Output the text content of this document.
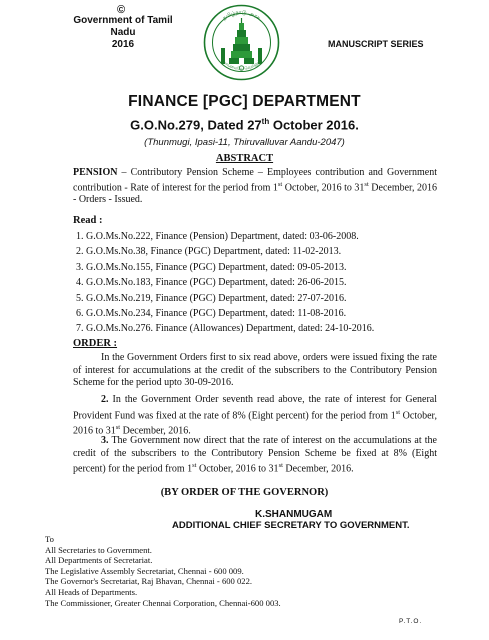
©
Government of Tamil Nadu
2016
தமிழ்நாடு அரசு
வாய்மையே வெல்லும்
MANUSCRIPT SERIES
FINANCE [PGC] DEPARTMENT
G.O.No.279, Dated 27th October 2016.
(Thunmugi, Ipasi-11, Thiruvalluvar Aandu-2047)
ABSTRACT
PENSION – Contributory Pension Scheme – Employees contribution and Government contribution - Rate of interest for the period from 1st October, 2016 to 31st December, 2016 - Orders - Issued.
Read :
1. G.O.Ms.No.222, Finance (Pension) Department, dated: 03-06-2008.
2. G.O.Ms.No.38, Finance (PGC) Department, dated: 11-02-2013.
3. G.O.Ms.No.155, Finance (PGC) Department, dated: 09-05-2013.
4. G.O.Ms.No.183, Finance (PGC) Department, dated: 26-06-2015.
5. G.O.Ms.No.219, Finance (PGC) Department, dated: 27-07-2016.
6. G.O.Ms.No.234, Finance (PGC) Department, dated: 11-08-2016.
7. G.O.Ms.No.276. Finance (Allowances) Department, dated: 24-10-2016.
ORDER :
In the Government Orders first to six read above, orders were issued fixing the rate of interest for accumulations at the credit of the subscribers to the Contributory Pension Scheme for the period upto 30-09-2016.
2. In the Government Order seventh read above, the rate of interest for General Provident Fund was fixed at the rate of 8% (Eight percent) for the period from 1st October, 2016 to 31st December, 2016.
3. The Government now direct that the rate of interest on the accumulations at the credit of the subscribers to the Contributory Pension Scheme be fixed at 8% (Eight percent) for the period from 1st October, 2016 to 31st December, 2016.
(BY ORDER OF THE GOVERNOR)
K.SHANMUGAM
ADDITIONAL CHIEF SECRETARY TO GOVERNMENT.
To
All Secretaries to Government.
All Departments of Secretariat.
The Legislative Assembly Secretariat, Chennai - 600 009.
The Governor's Secretariat, Raj Bhavan, Chennai - 600 022.
All Heads of Departments.
The Commissioner, Greater Chennai Corporation, Chennai-600 003.
P.T.O.
